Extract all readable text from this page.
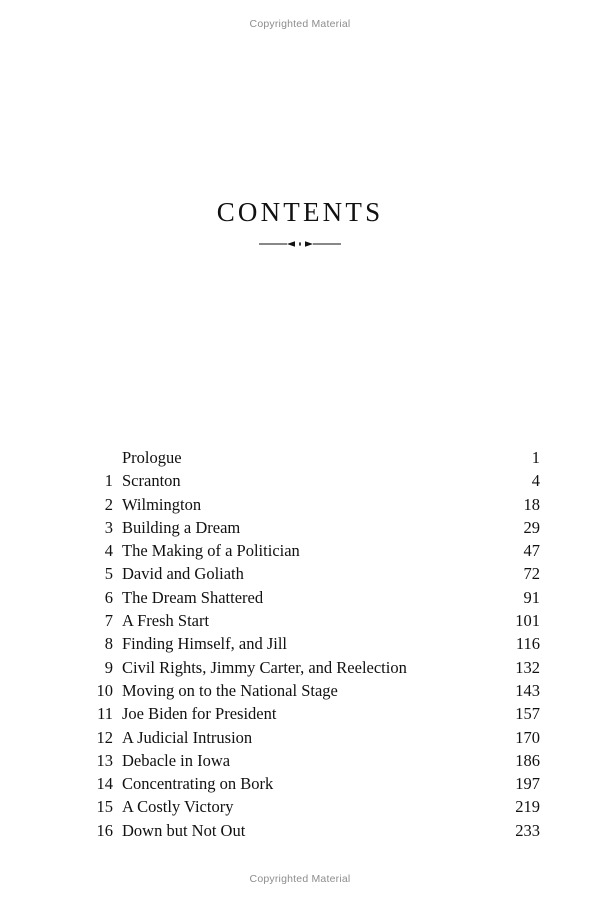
Copyrighted Material
CONTENTS
Prologue	1
1 Scranton	4
2 Wilmington	18
3 Building a Dream	29
4 The Making of a Politician	47
5 David and Goliath	72
6 The Dream Shattered	91
7 A Fresh Start	101
8 Finding Himself, and Jill	116
9 Civil Rights, Jimmy Carter, and Reelection	132
10 Moving on to the National Stage	143
11 Joe Biden for President	157
12 A Judicial Intrusion	170
13 Debacle in Iowa	186
14 Concentrating on Bork	197
15 A Costly Victory	219
16 Down but Not Out	233
Copyrighted Material
